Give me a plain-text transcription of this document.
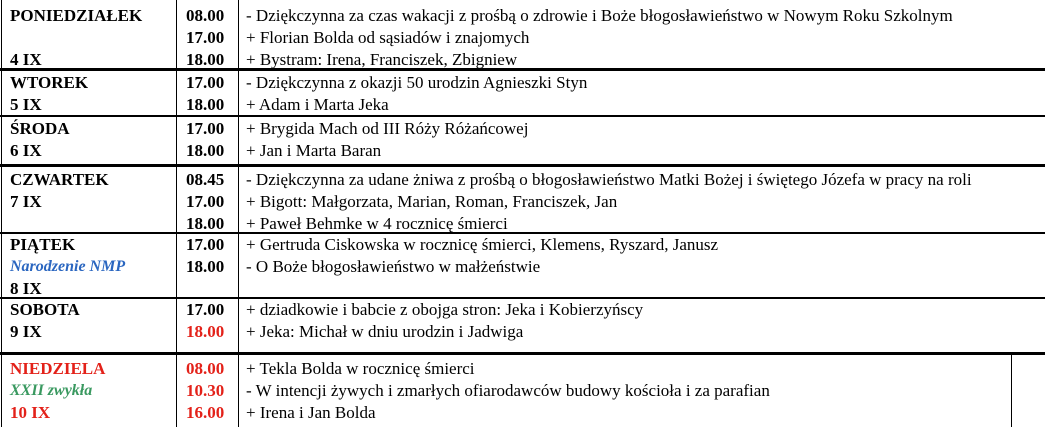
PONIEDZIAŁEK
4 IX
08.00
17.00
18.00
- Dziękczynna za czas wakacji z prośbą o zdrowie i Boże błogosławieństwo w Nowym Roku Szkolnym
+ Florian Bolda od sąsiadów i znajomych
+ Bystram: Irena, Franciszek, Zbigniew
WTOREK
5 IX
17.00
18.00
- Dziękczynna z okazji 50 urodzin Agnieszki Styn
+ Adam i Marta Jeka
ŚRODA
6 IX
17.00
18.00
+ Brygida Mach od III Róży Różańcowej
+ Jan i Marta Baran
CZWARTEK
7 IX
08.45
17.00
18.00
- Dziękczynna za udane żniwa z prośbą o błogosławieństwo Matki Bożej i świętego Józefa w pracy na roli
+ Bigott: Małgorzata, Marian, Roman, Franciszek, Jan
+ Paweł Behmke w 4 rocznicę śmierci
PIĄTEK
Narodzenie NMP
8 IX
17.00
18.00
+ Gertruda Ciskowska w rocznicę śmierci, Klemens, Ryszard, Janusz
- O Boże błogosławieństwo w małżeństwie
SOBOTA
9 IX
17.00
18.00
+ dziadkowie i babcie z obojga stron: Jeka i Kobierzyńscy
+ Jeka: Michał w dniu urodzin i Jadwiga
NIEDZIELA
XXII zwykła
10 IX
08.00
10.30
16.00
+ Tekla Bolda w rocznicę śmierci
- W intencji żywych i zmarłych ofiarodawców budowy kościoła i za parafian
+ Irena i Jan Bolda
